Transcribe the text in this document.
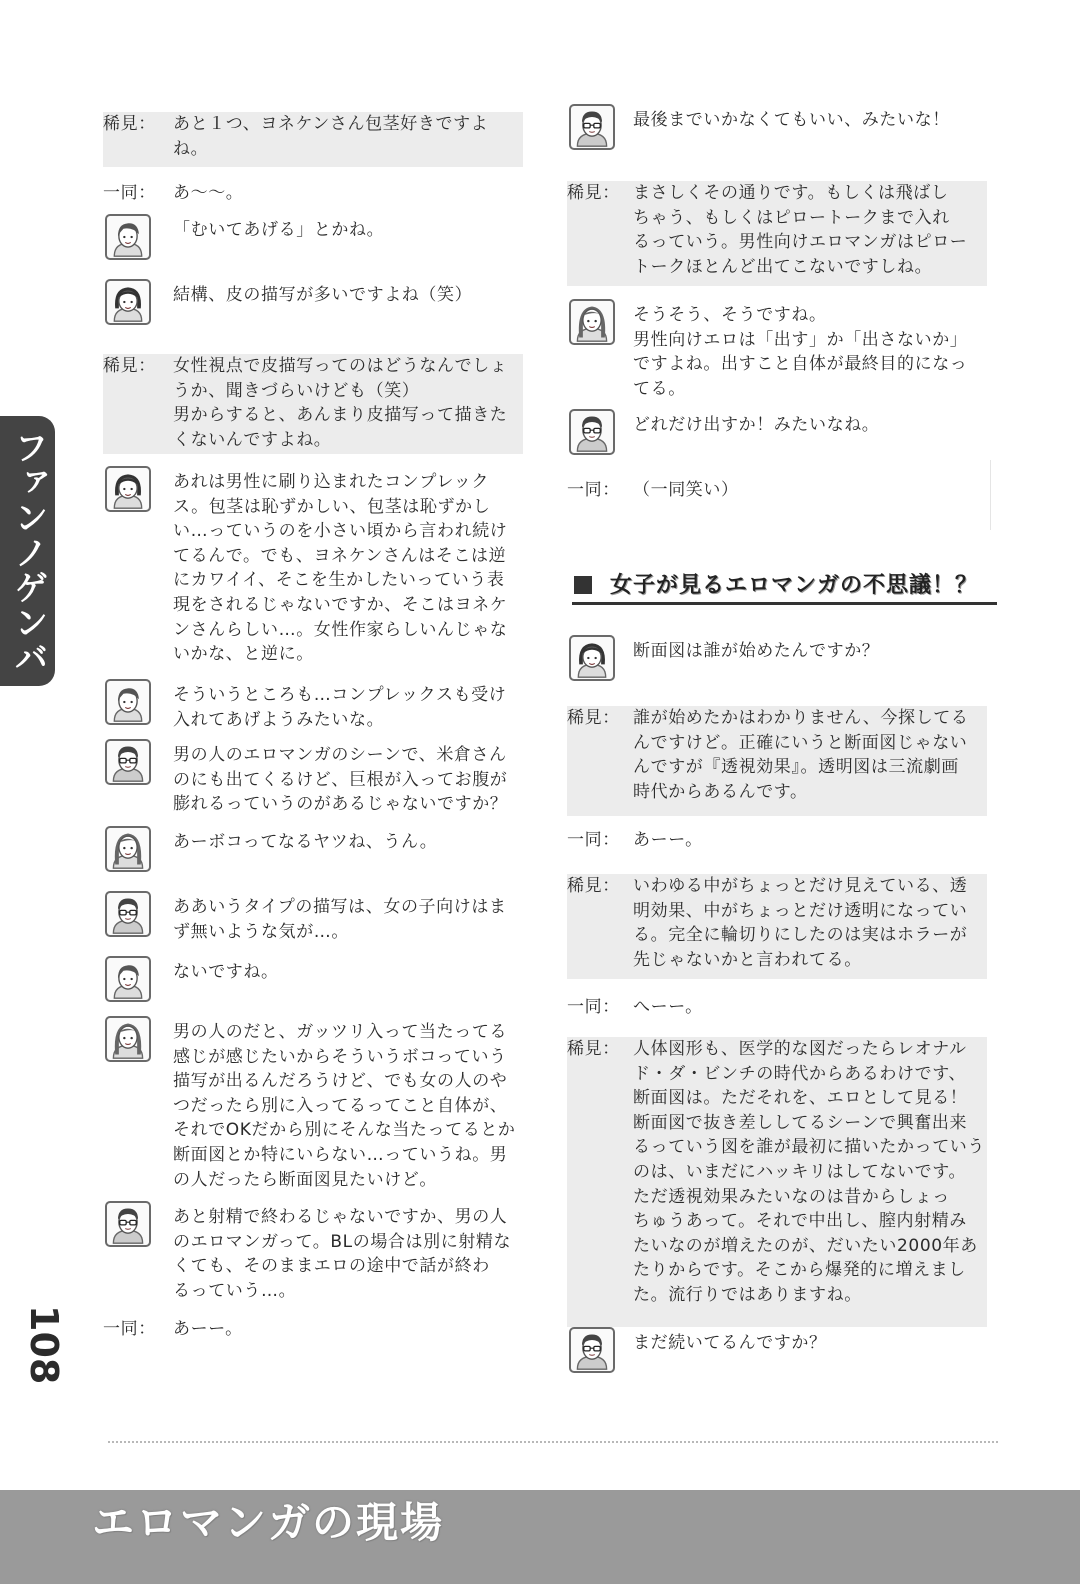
ファンノゲンバ
108
女子が見るエロマンガの不思議！？
エロマンガの現場
稀見： あと１つ、ヨネケンさん包茎好きですよ
ね。
一同： あ〜〜。
「むいてあげる」とかね。
結構、皮の描写が多いですよね（笑）
稀見： 女性視点で皮描写ってのはどうなんでしょ
うか、聞きづらいけども（笑）
男からすると、あんまり皮描写って描きた
くないんですよね。
あれは男性に刷り込まれたコンプレック
ス。包茎は恥ずかしい、包茎は恥ずかし
い…っていうのを小さい頃から言われ続け
てるんで。でも、ヨネケンさんはそこは逆
にカワイイ、そこを生かしたいっていう表
現をされるじゃないですか、そこはヨネケ
ンさんらしい…。女性作家らしいんじゃな
いかな、と逆に。
そういうところも…コンプレックスも受け
入れてあげようみたいな。
男の人のエロマンガのシーンで、米倉さん
のにも出てくるけど、巨根が入ってお腹が
膨れるっていうのがあるじゃないですか？
あーボコってなるヤツね、うん。
ああいうタイプの描写は、女の子向けはま
ず無いような気が…。
ないですね。
男の人のだと、ガッツリ入って当たってる
感じが感じたいからそういうボコっていう
描写が出るんだろうけど、でも女の人のや
つだったら別に入ってるってこと自体が、
それでOKだから別にそんな当たってるとか
断面図とか特にいらない…っていうね。男
の人だったら断面図見たいけど。
あと射精で終わるじゃないですか、男の人
のエロマンガって。BLの場合は別に射精な
くても、そのままエロの途中で話が終わ
るっていう…。
一同： あーー。
最後までいかなくてもいい、みたいな！
稀見： まさしくその通りです。もしくは飛ばし
ちゃう、もしくはピロートークまで入れ
るっていう。男性向けエロマンガはピロー
トークほとんど出てこないですしね。
そうそう、そうですね。
男性向けエロは「出す」か「出さないか」
ですよね。出すこと自体が最終目的になっ
てる。
どれだけ出すか！みたいなね。
一同： （一同笑い）
断面図は誰が始めたんですか？
稀見： 誰が始めたかはわかりません、今探してる
んですけど。正確にいうと断面図じゃない
んですが『透視効果』。透明図は三流劇画
時代からあるんです。
一同： あーー。
稀見： いわゆる中がちょっとだけ見えている、透
明効果、中がちょっとだけ透明になってい
る。完全に輪切りにしたのは実はホラーが
先じゃないかと言われてる。
一同： へーー。
稀見： 人体図形も、医学的な図だったらレオナル
ド・ダ・ビンチの時代からあるわけです、
断面図は。ただそれを、エロとして見る！
断面図で抜き差ししてるシーンで興奮出来
るっていう図を誰が最初に描いたかっていう
のは、いまだにハッキリはしてないです。
ただ透視効果みたいなのは昔からしょっ
ちゅうあって。それで中出し、膣内射精み
たいなのが増えたのが、だいたい2000年あ
たりからです。そこから爆発的に増えまし
た。流行りではありますね。
まだ続いてるんですか？
